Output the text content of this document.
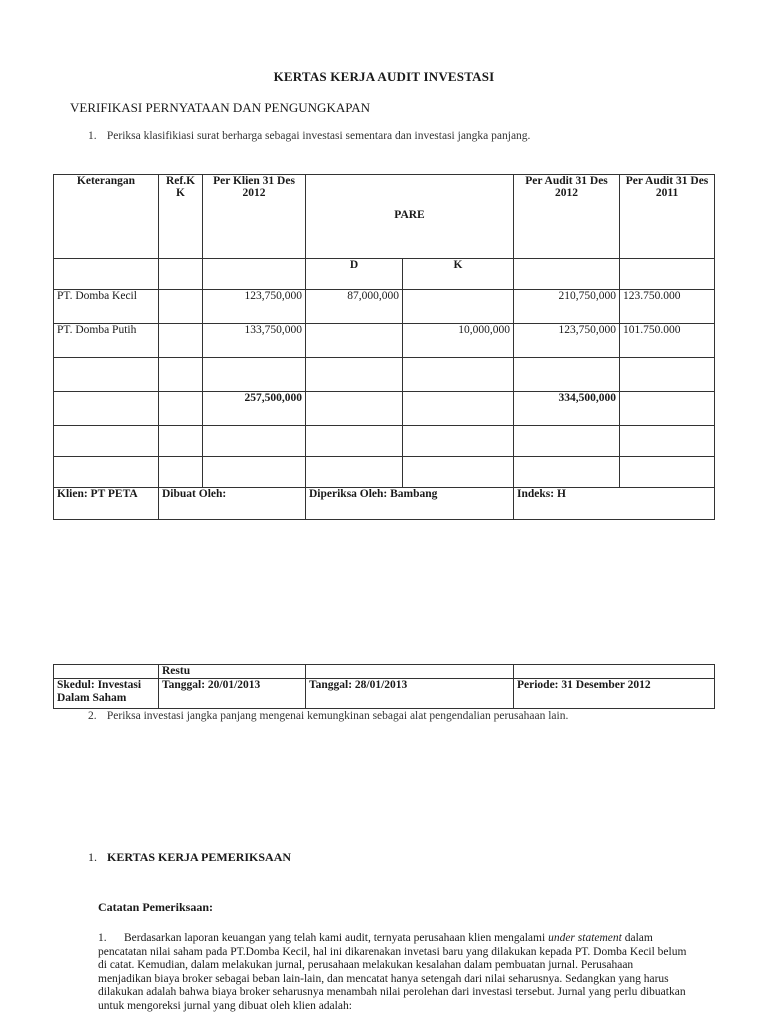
KERTAS KERJA AUDIT INVESTASI
VERIFIKASI PERNYATAAN DAN PENGUNGKAPAN
1. Periksa klasifikiasi surat berharga sebagai investasi sementara dan investasi jangka panjang.
Keterangan	Ref.K K	Per Klien 31 Des 2012	PARE		Per Audit 31 Des 2012	Per Audit 31 Des 2011
			D	K		
PT. Domba Kecil		123,750,000	87,000,000		210,750,000	123.750.000
PT. Domba Putih		133,750,000		10,000,000	123,750,000	101.750.000

		257,500,000			334,500,000	

Klien: PT PETA	Dibuat Oleh:		Diperiksa Oleh: Bambang		Indeks: H	
	Restu		
Skedul: Investasi Dalam Saham	Tanggal: 20/01/2013	Tanggal: 28/01/2013	Periode: 31 Desember 2012
2. Periksa investasi jangka panjang mengenai kemungkinan sebagai alat pengendalian perusahaan lain.
1. KERTAS KERJA PEMERIKSAAN
Catatan Pemeriksaan:
1. Berdasarkan laporan keuangan yang telah kami audit, ternyata perusahaan klien mengalami under statement dalam pencatatan nilai saham pada PT.Domba Kecil, hal ini dikarenakan invetasi baru yang dilakukan kepada PT. Domba Kecil belum di catat. Kemudian, dalam melakukan jurnal, perusahaan melakukan kesalahan dalam pembuatan jurnal. Perusahaan menjadikan biaya broker sebagai beban lain-lain, dan mencatat hanya setengah dari nilai seharusnya. Sedangkan yang harus dilakukan adalah bahwa biaya broker seharusnya menambah nilai perolehan dari investasi tersebut. Jurnal yang perlu dibuatkan untuk mengoreksi jurnal yang dibuat oleh klien adalah:
